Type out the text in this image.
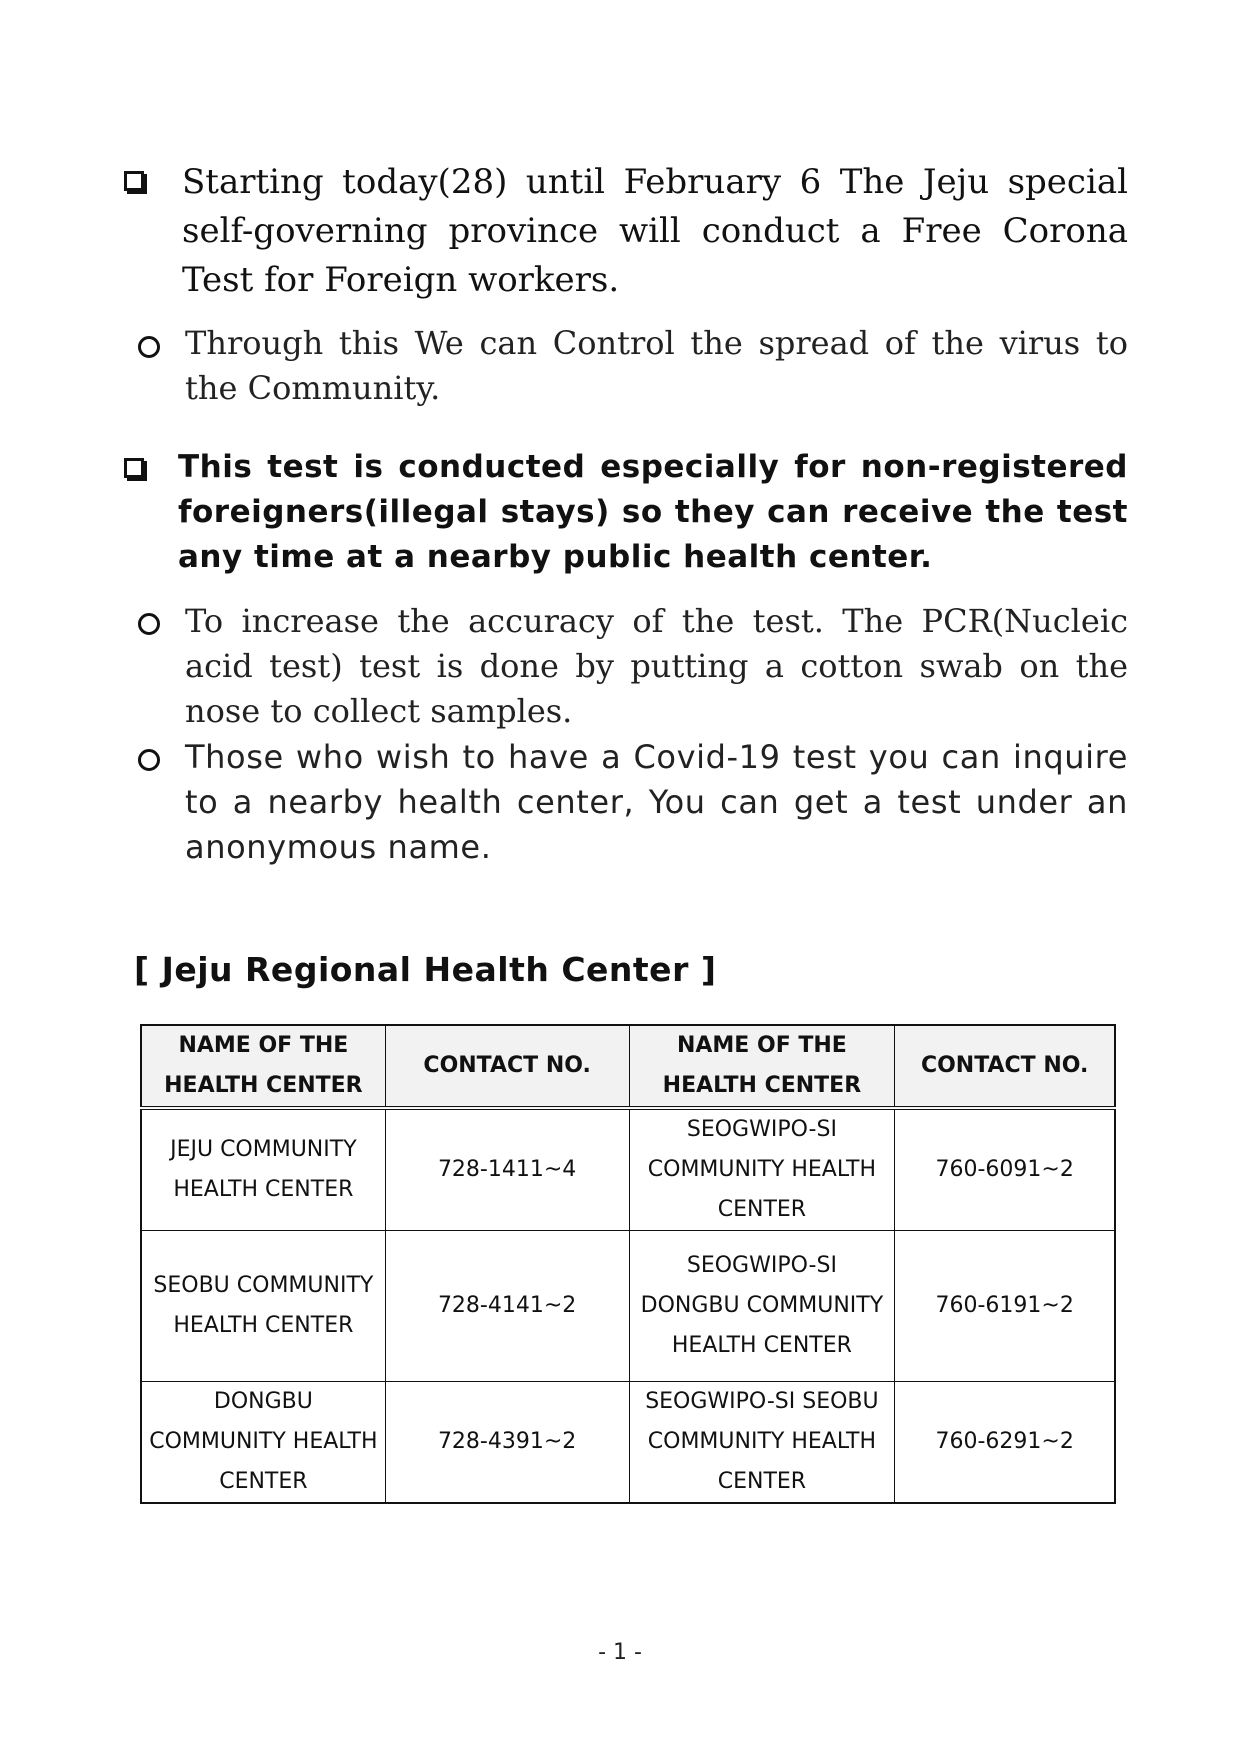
Starting today(28) until February 6 The Jeju special self-governing province will conduct a Free Corona Test for Foreign workers.
Through this We can Control the spread of the virus to the Community.
This test is conducted especially for non-registered foreigners(illegal stays) so they can receive the test any time at a nearby public health center.
To increase the accuracy of the test. The PCR(Nucleic acid test) test is done by putting a cotton swab on the nose to collect samples.
Those who wish to have a Covid-19 test you can inquire to a nearby health center, You can get a test under an anonymous name.
[ Jeju Regional Health Center ]
NAME OF THE HEALTH CENTER	CONTACT NO.	NAME OF THE HEALTH CENTER	CONTACT NO.
JEJU COMMUNITY HEALTH CENTER	728-1411~4	SEOGWIPO-SI COMMUNITY HEALTH CENTER	760-6091~2
SEOBU COMMUNITY HEALTH CENTER	728-4141~2	SEOGWIPO-SI DONGBU COMMUNITY HEALTH CENTER	760-6191~2
DONGBU COMMUNITY HEALTH CENTER	728-4391~2	SEOGWIPO-SI SEOBU COMMUNITY HEALTH CENTER	760-6291~2
- 1 -
